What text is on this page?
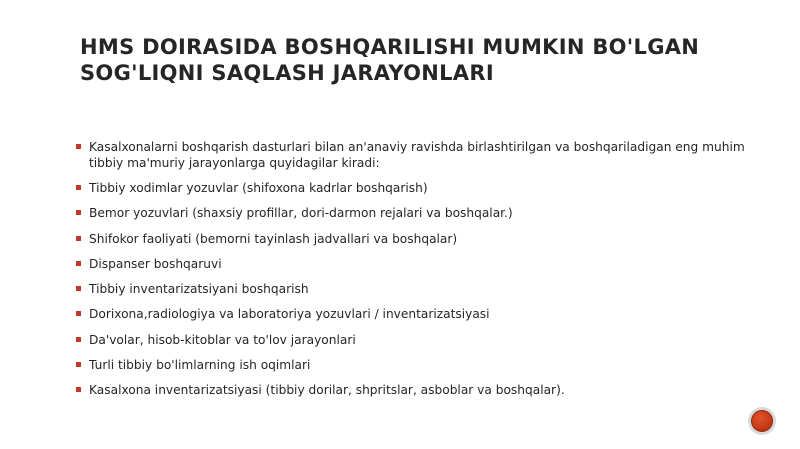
HMS DOIRASIDA BOSHQARILISHI MUMKIN BO'LGAN SOG'LIQNI SAQLASH JARAYONLARI
Kasalxonalarni boshqarish dasturlari bilan an'anaviy ravishda birlashtirilgan va boshqariladigan eng muhim tibbiy ma'muriy jarayonlarga quyidagilar kiradi:
Tibbiy xodimlar yozuvlar (shifoxona kadrlar boshqarish)
Bemor yozuvlari (shaxsiy profillar, dori-darmon rejalari va boshqalar.)
Shifokor faoliyati (bemorni tayinlash jadvallari va boshqalar)
Dispanser boshqaruvi
Tibbiy inventarizatsiyani boshqarish
Dorixona,radiologiya va laboratoriya yozuvlari / inventarizatsiyasi
Da'volar, hisob-kitoblar va to'lov jarayonlari
Turli tibbiy bo'limlarning ish oqimlari
Kasalxona inventarizatsiyasi (tibbiy dorilar, shpritslar, asboblar va boshqalar).
